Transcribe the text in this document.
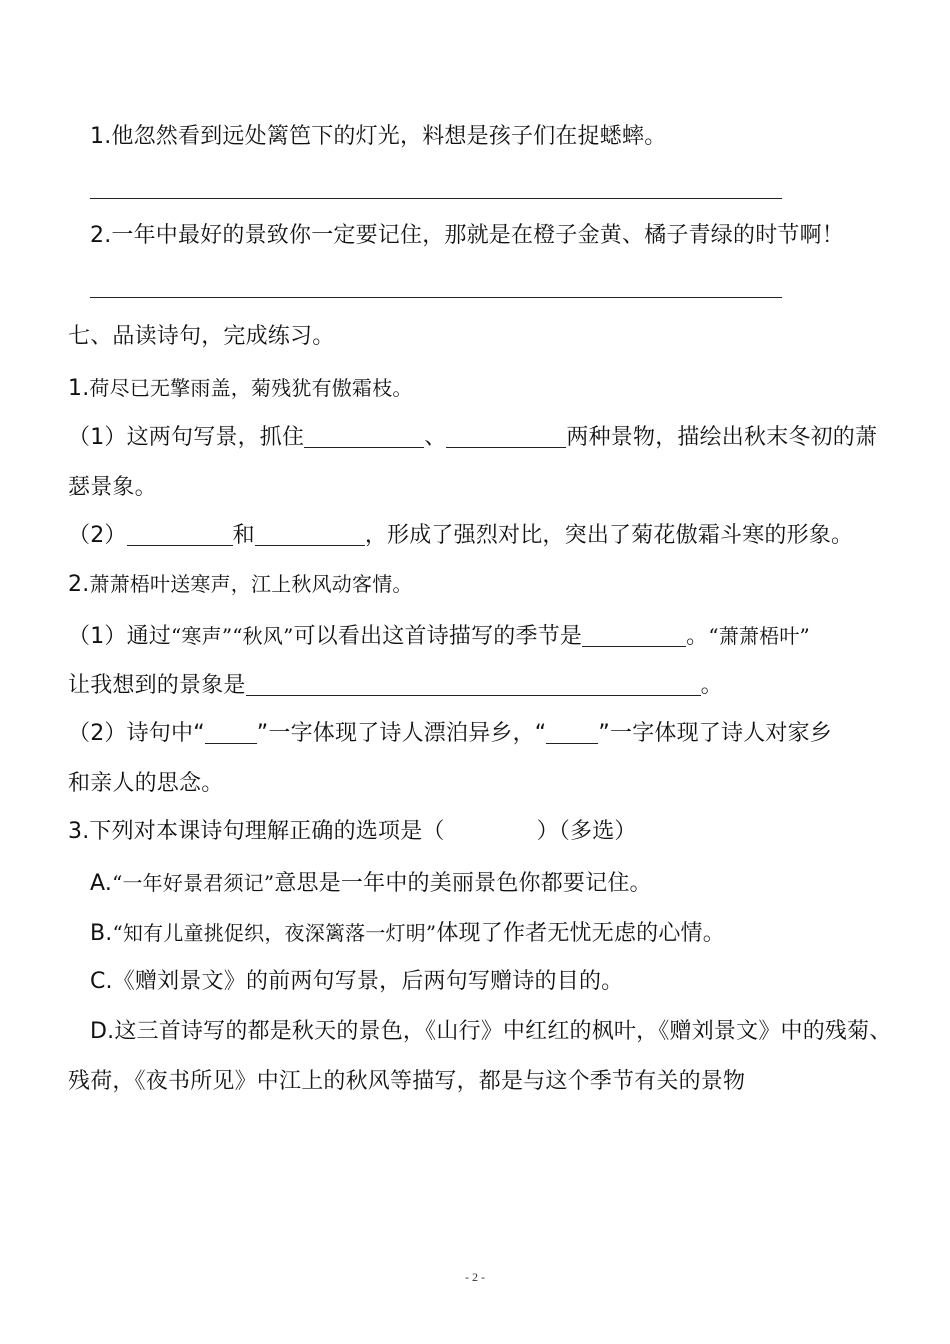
1.他忽然看到远处篱笆下的灯光，料想是孩子们在捉蟋蟀。
2.一年中最好的景致你一定要记住，那就是在橙子金黄、橘子青绿的时节啊！
七、品读诗句，完成练习。
1.荷尽已无擎雨盖，菊残犹有傲霜枝。
（1）这两句写景，抓住	、	两种景物，描绘出秋末冬初的萧
瑟景象。
（2）	和	，形成了强烈对比，突出了菊花傲霜斗寒的形象。
2.萧萧梧叶送寒声，江上秋风动客情。
（1）通过“寒声”“秋风”可以看出这首诗描写的季节是	。“萧萧梧叶”
让我想到的景象是	。
（2）诗句中“ ”一字体现了诗人漂泊异乡，“ ”一字体现了诗人对家乡
和亲人的思念。
3.下列对本课诗句理解正确的选项是（	）（多选）
A.“一年好景君须记”意思是一年中的美丽景色你都要记住。
B.“知有儿童挑促织，夜深篱落一灯明”体现了作者无忧无虑的心情。
C.《赠刘景文》的前两句写景，后两句写赠诗的目的。
D.这三首诗写的都是秋天的景色，《山行》中红红的枫叶，《赠刘景文》中的残菊、
残荷，《夜书所见》中江上的秋风等描写，都是与这个季节有关的景物
- 2 -
